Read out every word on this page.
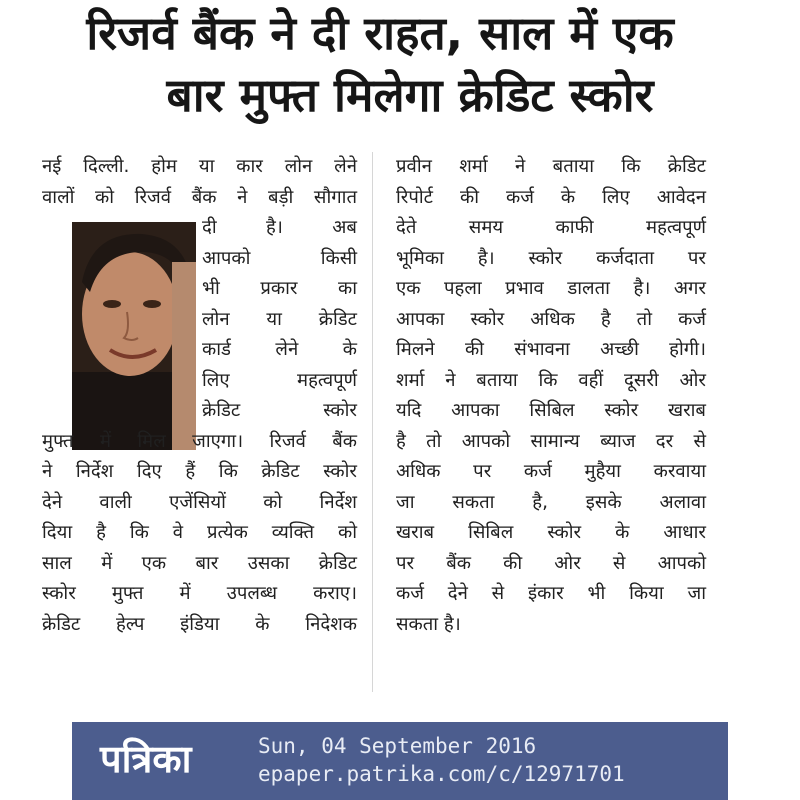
रिजर्व बैंक ने दी राहत, साल में एक
बार मुफ्त मिलेगा क्रेडिट स्कोर
नई दिल्ली. होम या कार लोन लेने
वालों को रिजर्व बैंक ने बड़ी सौगात
दी है। अब
आपको किसी
भी प्रकार का
लोन या क्रेडिट
कार्ड लेने के
लिए महत्वपूर्ण
क्रेडिट स्कोर
मुफ्त में मिल जाएगा। रिजर्व बैंक
ने निर्देश दिए हैं कि क्रेडिट स्कोर
देने वाली एजेंसियों को निर्देश
दिया है कि वे प्रत्येक व्यक्ति को
साल में एक बार उसका क्रेडिट
स्कोर मुफ्त में उपलब्ध कराए।
क्रेडिट हेल्प इंडिया के निदेशक
प्रवीन शर्मा ने बताया कि क्रेडिट
रिपोर्ट की कर्ज के लिए आवेदन
देते समय काफी महत्वपूर्ण
भूमिका है। स्कोर कर्जदाता पर
एक पहला प्रभाव डालता है। अगर
आपका स्कोर अधिक है तो कर्ज
मिलने की संभावना अच्छी होगी।
शर्मा ने बताया कि वहीं दूसरी ओर
यदि आपका सिबिल स्कोर खराब
है तो आपको सामान्य ब्याज दर से
अधिक पर कर्ज मुहैया करवाया
जा सकता है, इसके अलावा
खराब सिबिल स्कोर के आधार
पर बैंक की ओर से आपको
कर्ज देने से इंकार भी किया जा
सकता है।
पत्रिका	Sun, 04 September 2016
epaper.patrika.com/c/12971701
